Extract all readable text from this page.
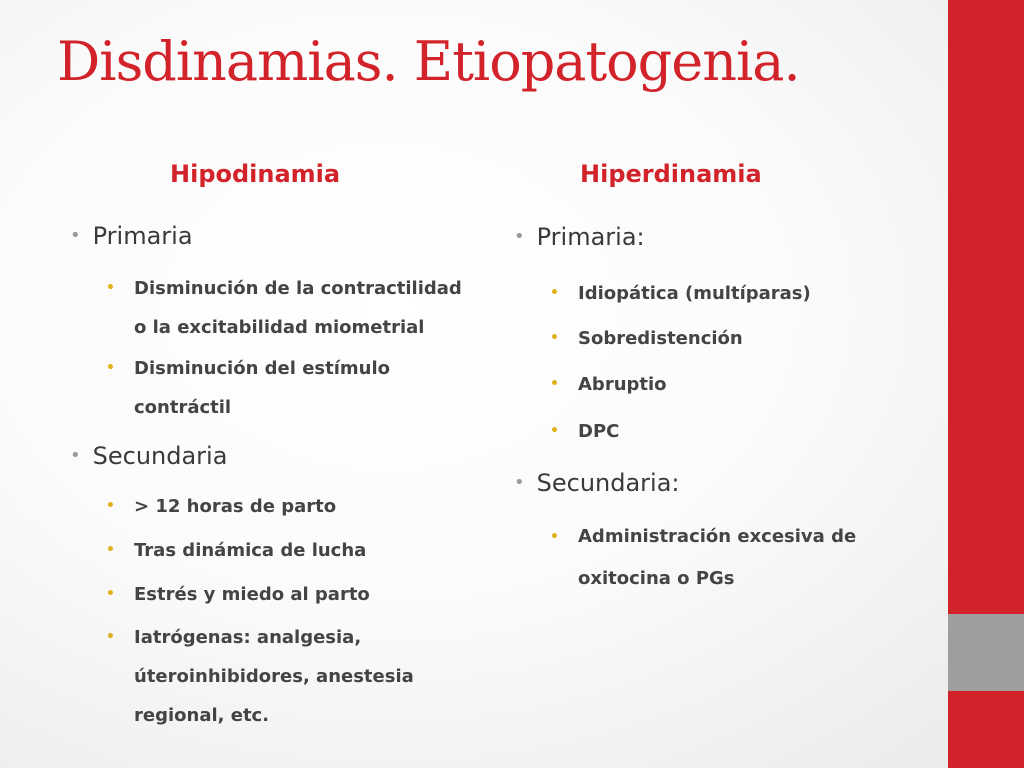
Disdinamias. Etiopatogenia.
Hipodinamia
• Primaria
• Disminución de la contractilidad o la excitabilidad miometrial
• Disminución del estímulo contráctil
• Secundaria
• > 12 horas de parto
• Tras dinámica de lucha
• Estrés y miedo al parto
• Iatrógenas: analgesia, úteroinhibidores, anestesia regional, etc.
Hiperdinamia
• Primaria:
• Idiopática (multíparas)
• Sobredistención
• Abruptio
• DPC
• Secundaria:
• Administración excesiva de oxitocina o PGs
